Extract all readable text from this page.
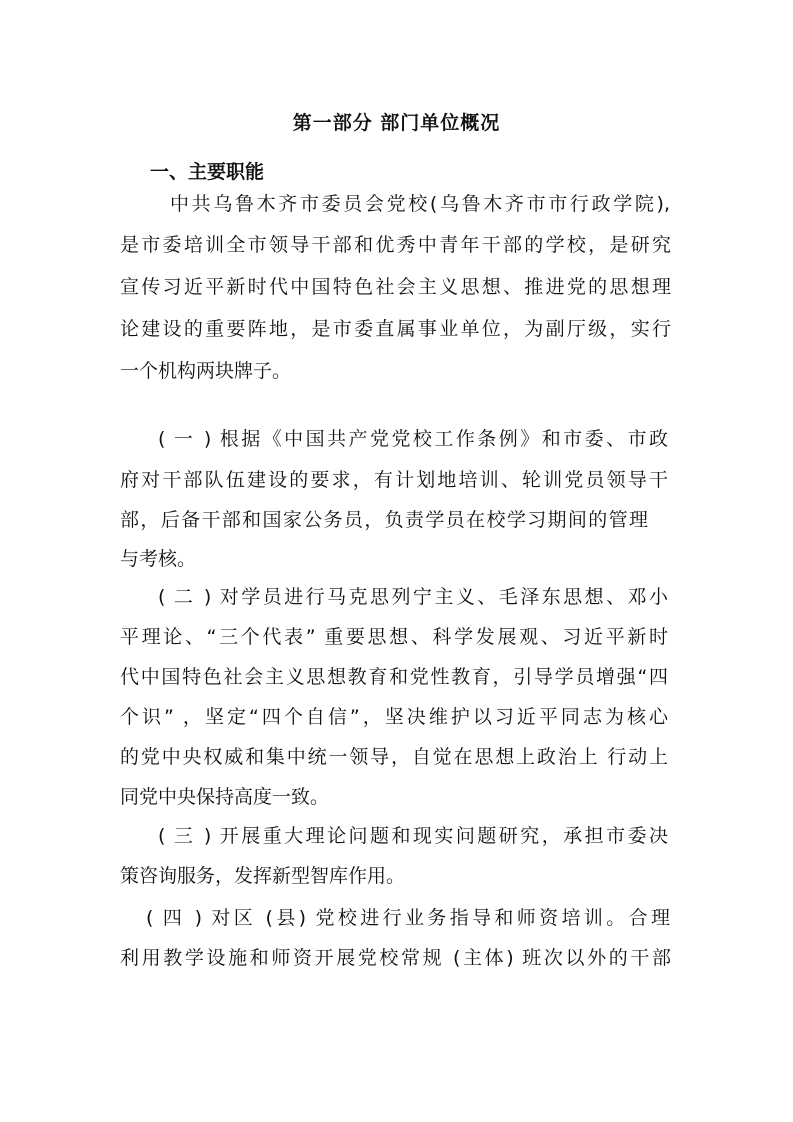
第一部分 部门单位概况
一、主要职能
中共乌鲁木齐市委员会党校(乌鲁木齐市市行政学院),
是市委培训全市领导干部和优秀中青年干部的学校，是研究
宣传习近平新时代中国特色社会主义思想、推进党的思想理
论建设的重要阵地，是市委直属事业单位，为副厅级，实行
一个机构两块牌子。
( 一 ) 根据《中国共产党党校工作条例》和市委、市政
府对干部队伍建设的要求，有计划地培训、轮训党员领导干
部，后备干部和国家公务员，负责学员在校学习期间的管理
与考核。
( 二 ) 对学员进行马克思列宁主义、毛泽东思想、邓小
平理论、“三个代表” 重要思想、科学发展观、习近平新时
代中国特色社会主义思想教育和党性教育，引导学员增强“四
个识” ，坚定“四个自信”，坚决维护以习近平同志为核心
的党中央权威和集中统一领导，自觉在思想上政治上 行动上
同党中央保持高度一致。
( 三 ) 开展重大理论问题和现实问题研究，承担市委决
策咨询服务，发挥新型智库作用。
( 四 ) 对区 (县) 党校进行业务指导和师资培训。合理
利用教学设施和师资开展党校常规 (主体) 班次以外的干部
